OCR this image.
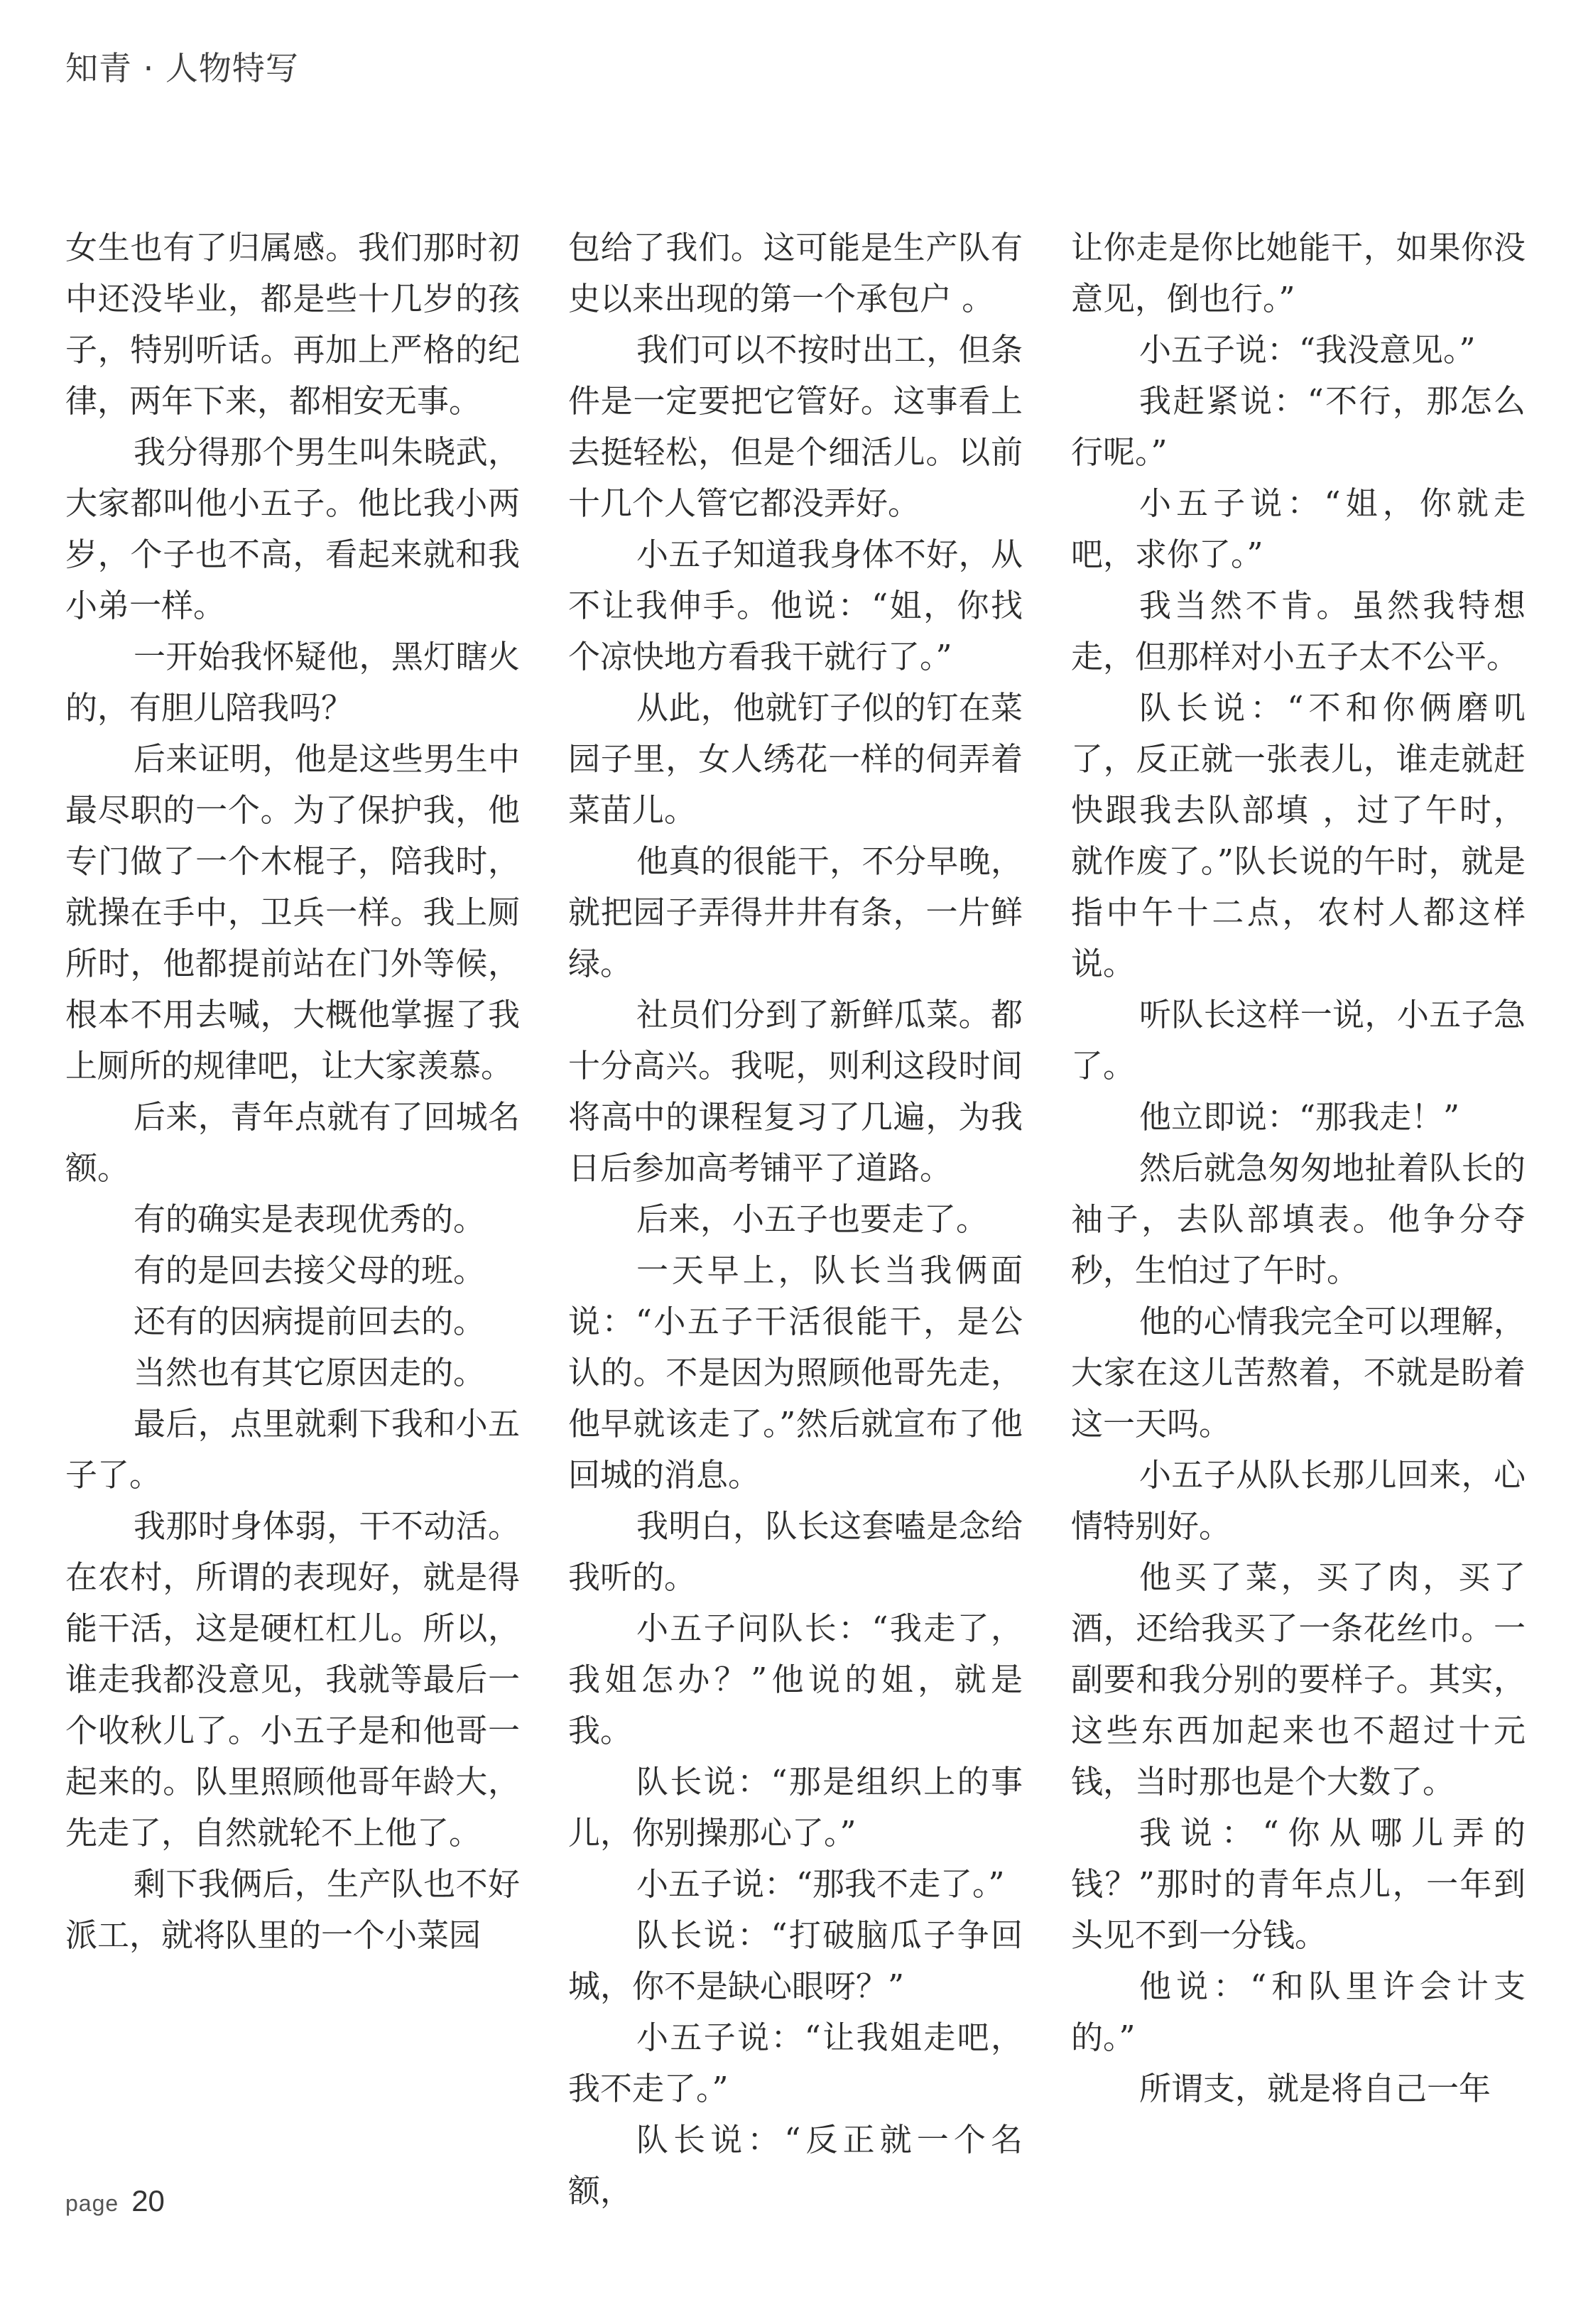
知青 · 人物特写

女生也有了归属感。我们那时初中还没毕业，都是些十几岁的孩子，特别听话。再加上严格的纪律，两年下来，都相安无事。

我分得那个男生叫朱晓武，大家都叫他小五子。他比我小两岁，个子也不高，看起来就和我小弟一样。

一开始我怀疑他，黑灯瞎火的，有胆儿陪我吗？

后来证明，他是这些男生中最尽职的一个。为了保护我，他专门做了一个木棍子，陪我时，就操在手中，卫兵一样。我上厕所时，他都提前站在门外等候，根本不用去喊，大概他掌握了我上厕所的规律吧，让大家羡慕。

后来，青年点就有了回城名额。

有的确实是表现优秀的。

有的是回去接父母的班。

还有的因病提前回去的。

当然也有其它原因走的。

最后，点里就剩下我和小五子了。

我那时身体弱，干不动活。在农村，所谓的表现好，就是得能干活，这是硬杠杠儿。所以，谁走我都没意见，我就等最后一个收秋儿了。小五子是和他哥一起来的。队里照顾他哥年龄大，先走了，自然就轮不上他了。

剩下我俩后，生产队也不好派工，就将队里的一个小菜园

包给了我们。这可能是生产队有史以来出现的第一个承包户 。

我们可以不按时出工，但条件是一定要把它管好。这事看上去挺轻松，但是个细活儿。以前十几个人管它都没弄好。

小五子知道我身体不好，从不让我伸手。他说：“姐，你找个凉快地方看我干就行了。”

从此，他就钉子似的钉在菜园子里，女人绣花一样的伺弄着菜苗儿。

他真的很能干，不分早晚，就把园子弄得井井有条，一片鲜绿。

社员们分到了新鲜瓜菜。都十分高兴。我呢，则利这段时间将高中的课程复习了几遍，为我日后参加高考铺平了道路。

后来，小五子也要走了。

一天早上，队长当我俩面说：“小五子干活很能干，是公认的。不是因为照顾他哥先走，他早就该走了。”然后就宣布了他回城的消息。

我明白，队长这套嗑是念给我听的。

小五子问队长：“我走了，我姐怎办？”他说的姐，就是我。

队长说：“那是组织上的事儿，你别操那心了。”

小五子说：“那我不走了。”

队长说：“打破脑瓜子争回城，你不是缺心眼呀？”

小五子说：“让我姐走吧，我不走了。”

队长说：“反正就一个名额，

让你走是你比她能干，如果你没意见，倒也行。”

小五子说：“我没意见。”

我赶紧说：“不行，那怎么行呢。”

小五子说：“姐，你就走吧，求你了。”

我当然不肯。虽然我特想走，但那样对小五子太不公平。

队长说：“不和你俩磨叽了，反正就一张表儿，谁走就赶快跟我去队部填 ，过了午时，就作废了。”队长说的午时，就是指中午十二点，农村人都这样说。

听队长这样一说，小五子急了。

他立即说：“那我走！”

然后就急匆匆地扯着队长的袖子，去队部填表。他争分夺秒，生怕过了午时。

他的心情我完全可以理解，大家在这儿苦熬着，不就是盼着这一天吗。

小五子从队长那儿回来，心情特别好。

他买了菜，买了肉，买了酒，还给我买了一条花丝巾。一副要和我分别的要样子。其实，这些东西加起来也不超过十元钱，当时那也是个大数了。

我说：“你从哪儿弄的钱？”那时的青年点儿，一年到头见不到一分钱。

他说：“和队里许会计支的。”

所谓支，就是将自己一年

page 20
